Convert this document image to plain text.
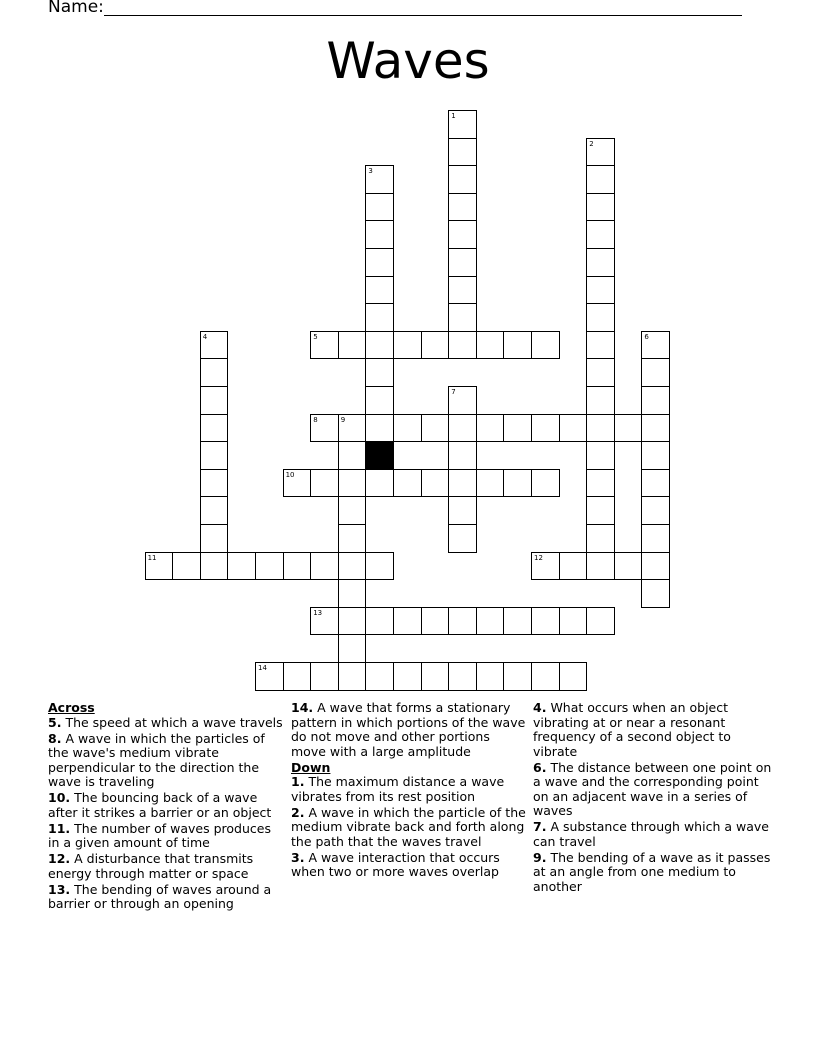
Name:
Waves
1
2
3
4	5	6
7
8	9
10
11	12
13
14
Across
5. The speed at which a wave travels
8. A wave in which the particles of the wave's medium vibrate perpendicular to the direction the wave is traveling
10. The bouncing back of a wave after it strikes a barrier or an object
11. The number of waves produces in a given amount of time
12. A disturbance that transmits energy through matter or space
13. The bending of waves around a barrier or through an opening
14. A wave that forms a stationary pattern in which portions of the wave do not move and other portions move with a large amplitude
Down
1. The maximum distance a wave vibrates from its rest position
2. A wave in which the particle of the medium vibrate back and forth along the path that the waves travel
3. A wave interaction that occurs when two or more waves overlap
4. What occurs when an object vibrating at or near a resonant frequency of a second object to vibrate
6. The distance between one point on a wave and the corresponding point on an adjacent wave in a series of waves
7. A substance through which a wave can travel
9. The bending of a wave as it passes at an angle from one medium to another
